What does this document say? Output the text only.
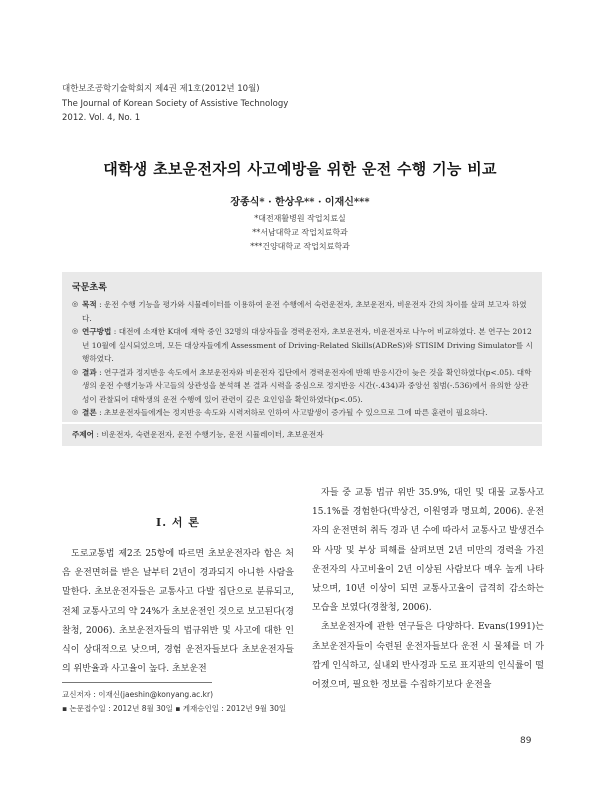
대한보조공학기술학회지 제4권 제1호(2012년 10월)
The Journal of Korean Society of Assistive Technology
2012. Vol. 4, No. 1
대학생 초보운전자의 사고예방을 위한 운전 수행 기능 비교
장종식* · 한상우** · 이재신***
*대전재활병원 작업치료실
**서남대학교 작업치료학과
***건양대학교 작업치료학과
국문초록
◎ 목적 : 운전 수행 기능을 평가와 시뮬레이터를 이용하여 운전 수행에서 숙련운전자, 초보운전자, 비운전자 간의 차이를 살펴 보고자 하였다.
◎ 연구방법 : 대전에 소재한 K대에 재학 중인 32명의 대상자들을 경력운전자, 초보운전자, 비운전자로 나누어 비교하였다. 본 연구는 2012년 10월에 실시되었으며, 모든 대상자들에게 Assessment of Driving-Related Skills(ADReS)와 STISIM Driving Simulator를 시행하였다.
◎ 결과 : 연구결과 정지반응 속도에서 초보운전자와 비운전자 집단에서 경력운전자에 반해 반응시간이 늦은 것을 확인하였다(p<.05). 대학생의 운전 수행기능과 사고들의 상관성을 분석해 본 결과 시력을 중심으로 정지반응 시간(-.434)과 중앙선 침범(-.536)에서 유의한 상관성이 관찰되어 대학생의 운전 수행에 있어 관련이 깊은 요인임을 확인하였다(p<.05).
◎ 결론 : 초보운전자들에게는 정지반응 속도와 시력저하로 인하여 사고발생이 증가될 수 있으므로 그에 따른 훈련이 필요하다.
주제어 : 비운전자, 숙련운전자, 운전 수행기능, 운전 시뮬레이터, 초보운전자
I. 서 론

도로교통법 제2조 25항에 따르면 초보운전자라 함은 처음 운전면허를 받은 날부터 2년이 경과되지 아니한 사람을 말한다. 초보운전자들은 교통사고 다발 집단으로 분류되고, 전체 교통사고의 약 24%가 초보운전인 것으로 보고된다(경찰청, 2006). 초보운전자들의 법규위반 및 사고에 대한 인식이 상대적으로 낮으며, 경험 운전자들보다 초보운전자들의 위반율과 사고율이 높다. 초보운전

자들 중 교통 법규 위반 35.9%, 대인 및 대물 교통사고 15.1%를 경험한다(박상건, 이원영과 명묘희, 2006). 운전자의 운전면허 취득 경과 년 수에 따라서 교통사고 발생건수와 사망 및 부상 피해를 살펴보면 2년 미만의 경력을 가진 운전자의 사고비율이 2년 이상된 사람보다 매우 높게 나타났으며, 10년 이상이 되면 교통사고율이 급격히 감소하는 모습을 보였다(경찰청, 2006).

초보운전자에 관한 연구들은 다양하다. Evans(1991)는 초보운전자들이 숙련된 운전자들보다 운전 시 물체를 더 가깝게 인식하고, 실내외 반사경과 도로 표지판의 인식률이 떨어졌으며, 필요한 정보를 수집하기보다 운전을

교신저자 : 이재신(jaeshin@konyang.ac.kr)
▪ 논문접수일 : 2012년 8월 30일 ▪ 게재승인일 : 2012년 9월 30일
89
